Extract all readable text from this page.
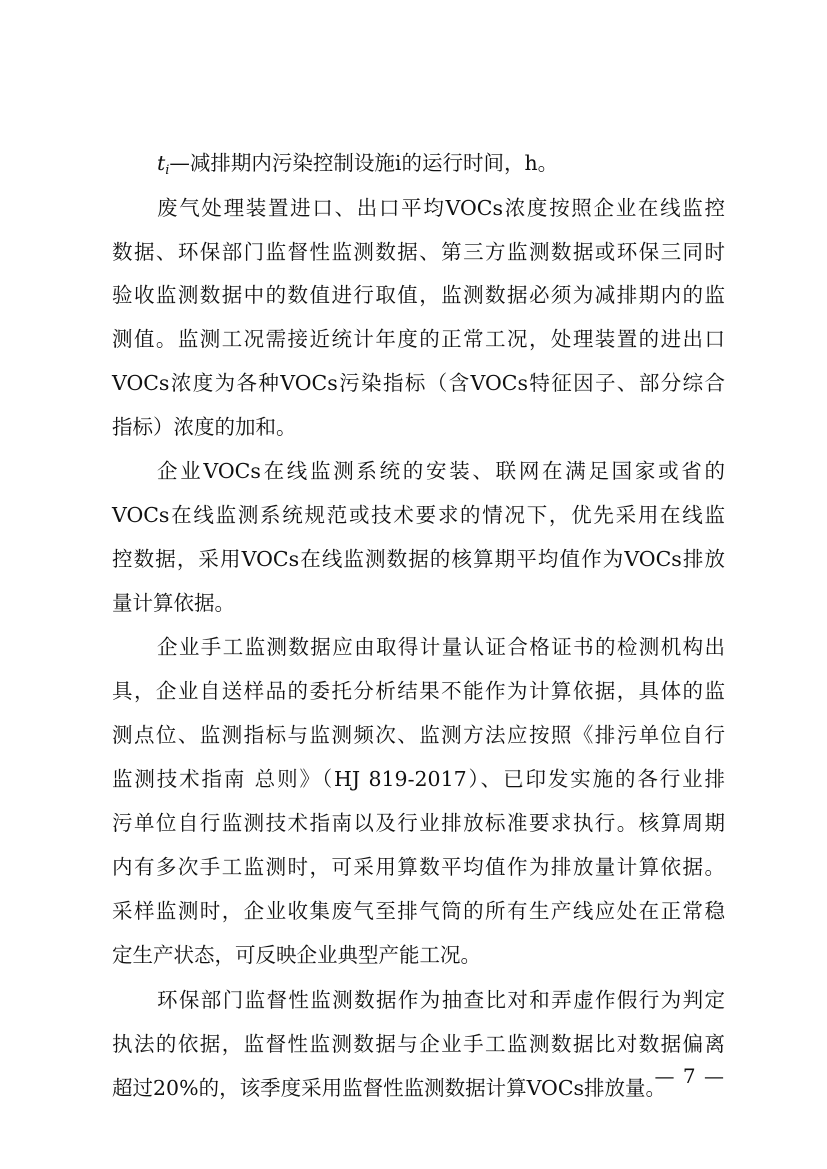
$t_i—$减排期内污染控制设施i的运行时间，h。
废气处理装置进口、出口平均VOCs浓度按照企业在线监控
数据、环保部门监督性监测数据、第三方监测数据或环保三同时
验收监测数据中的数值进行取值，监测数据必须为减排期内的监
测值。监测工况需接近统计年度的正常工况，处理装置的进出口
VOCs浓度为各种VOCs污染指标（含VOCs特征因子、部分综合
指标）浓度的加和。
企业VOCs在线监测系统的安装、联网在满足国家或省的
VOCs在线监测系统规范或技术要求的情况下，优先采用在线监
控数据，采用VOCs在线监测数据的核算期平均值作为VOCs排放
量计算依据。
企业手工监测数据应由取得计量认证合格证书的检测机构出
具，企业自送样品的委托分析结果不能作为计算依据，具体的监
测点位、监测指标与监测频次、监测方法应按照《排污单位自行
监测技术指南 总则》（HJ 819-2017）、已印发实施的各行业排
污单位自行监测技术指南以及行业排放标准要求执行。核算周期
内有多次手工监测时，可采用算数平均值作为排放量计算依据。
采样监测时，企业收集废气至排气筒的所有生产线应处在正常稳
定生产状态，可反映企业典型产能工况。
环保部门监督性监测数据作为抽查比对和弄虚作假行为判定
执法的依据，监督性监测数据与企业手工监测数据比对数据偏离
超过20%的，该季度采用监督性监测数据计算VOCs排放量。
— 7 —
